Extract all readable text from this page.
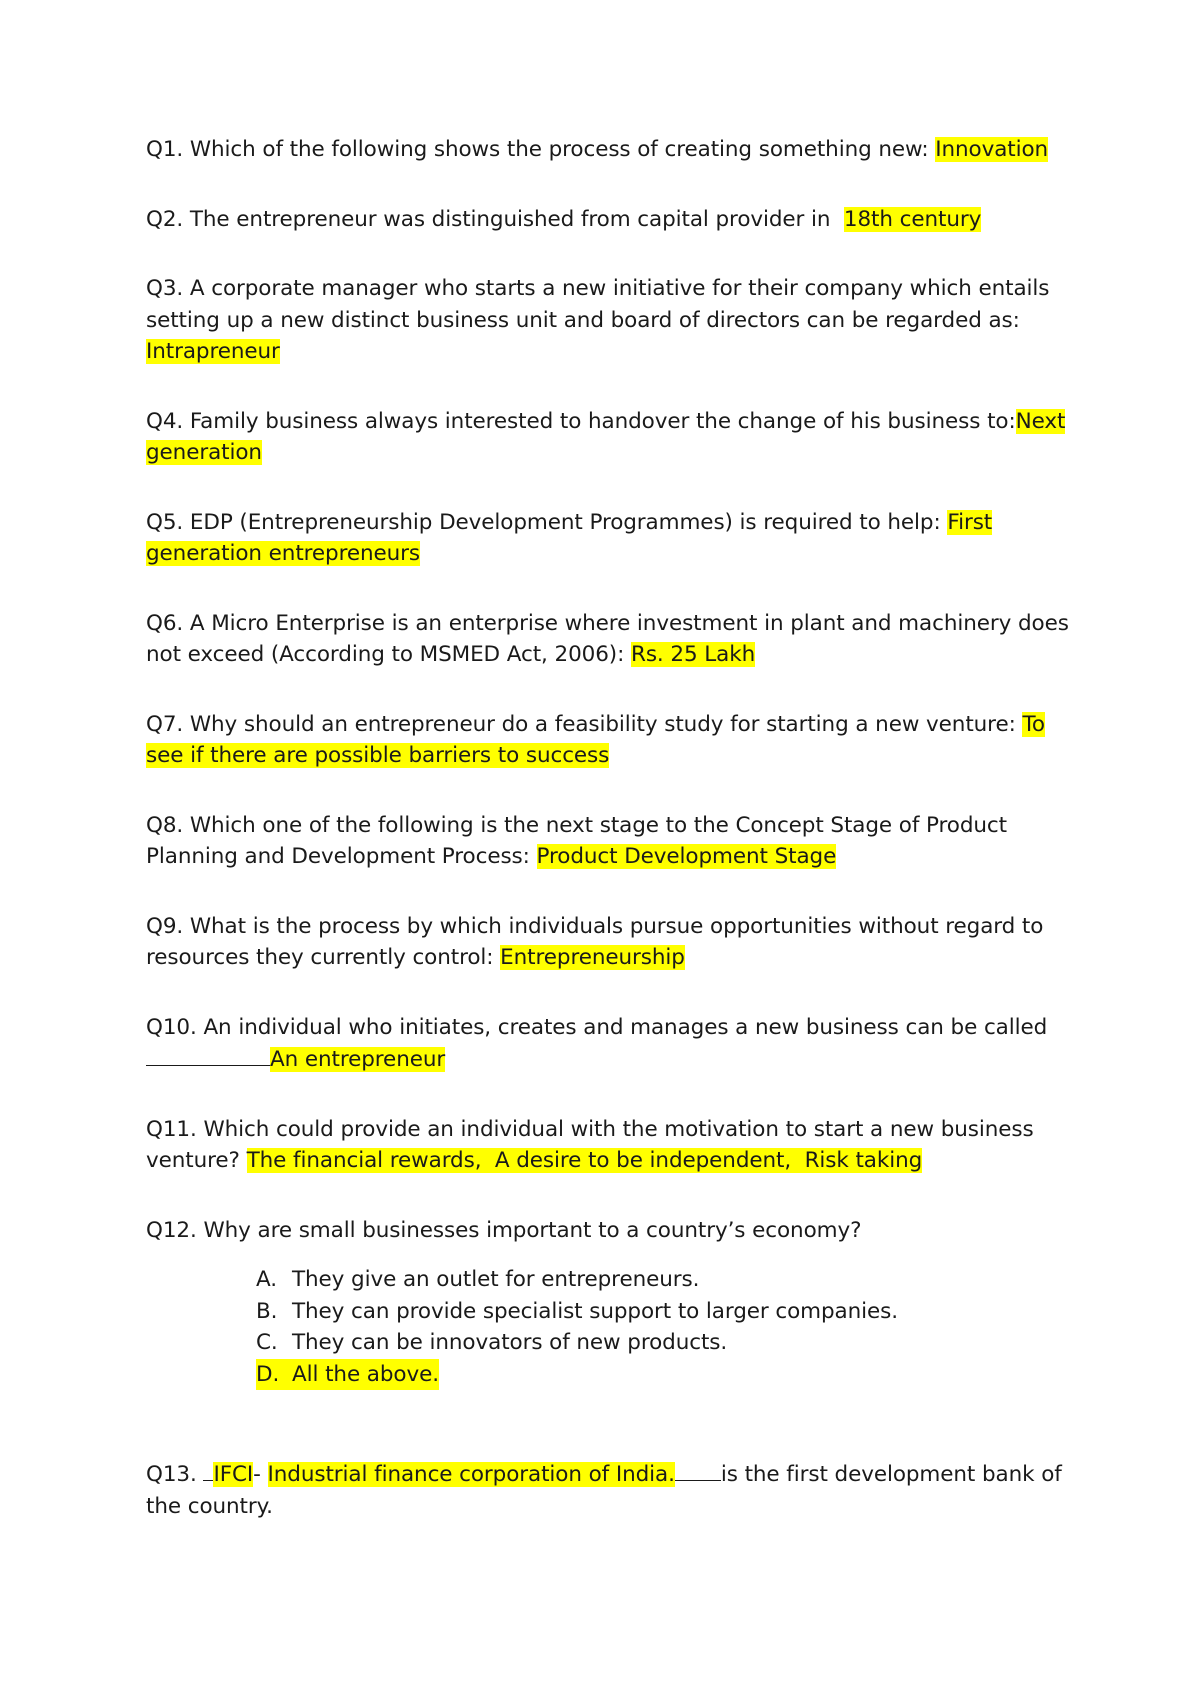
Q1. Which of the following shows the process of creating something new: Innovation

Q2. The entrepreneur was distinguished from capital provider in  18th century

Q3. A corporate manager who starts a new initiative for their company which entails setting up a new distinct business unit and board of directors can be regarded as: Intrapreneur

Q4. Family business always interested to handover the change of his business to:Next generation

Q5. EDP (Entrepreneurship Development Programmes) is required to help: First generation entrepreneurs

Q6. A Micro Enterprise is an enterprise where investment in plant and machinery does not exceed (According to MSMED Act, 2006): Rs. 25 Lakh

Q7. Why should an entrepreneur do a feasibility study for starting a new venture: To see if there are possible barriers to success

Q8. Which one of the following is the next stage to the Concept Stage of Product Planning and Development Process: Product Development Stage

Q9. What is the process by which individuals pursue opportunities without regard to resources they currently control: Entrepreneurship

Q10. An individual who initiates, creates and manages a new business can be called
An entrepreneur

Q11. Which could provide an individual with the motivation to start a new business venture? The financial rewards,  A desire to be independent,  Risk taking

Q12. Why are small businesses important to a country’s economy?
A. They give an outlet for entrepreneurs.
B. They can provide specialist support to larger companies.
C. They can be innovators of new products.
D. All the above.

Q13. IFCI- Industrial finance corporation of India. is the first development bank of the country.
